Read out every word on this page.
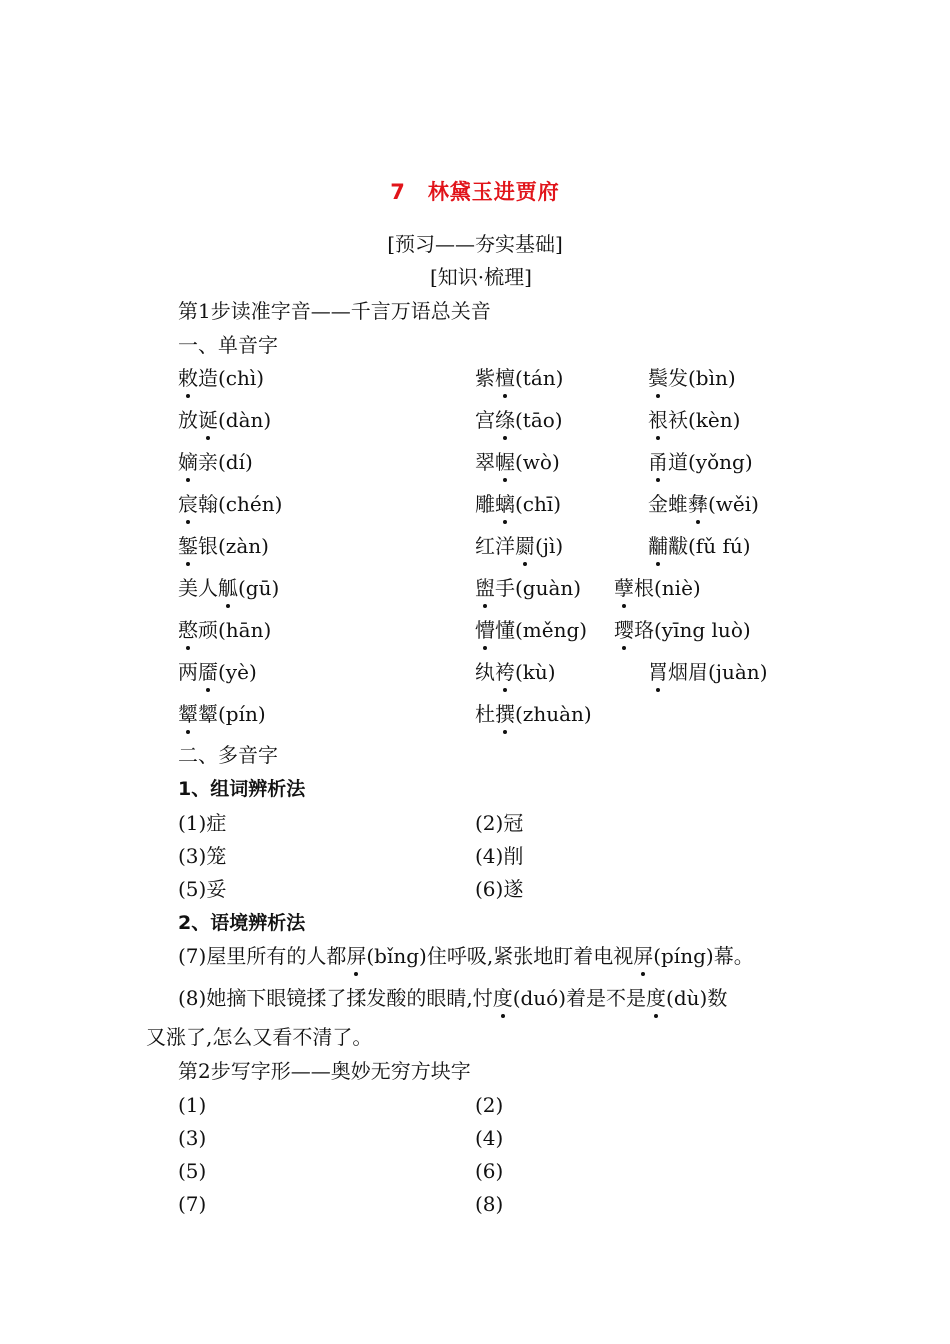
7 林黛玉进贾府
[预习——夯实基础]
[知识·梳理]
第1步读准字音——千言万语总关音
一、单音字
敕造(chì)	紫檀(tán)	鬓发(bìn)
放诞(dàn)	宫绦(tāo)	裉袄(kèn)
嫡亲(dí)	翠幄(wò)	甬道(yǒng)
宸翰(chén)	雕螭(chī)	金蜼彝(wěi)
錾银(zàn)	红洋罽(jì)	黼黻(fǔ fú)
美人觚(gū)	盥手(guàn) 孽根(niè)
憨顽(hān)	懵懂(měng) 璎珞(yīng luò)
两靥(yè)	纨袴(kù)	罥烟眉(juàn)
颦颦(pín)	杜撰(zhuàn)
二、多音字
1、组词辨析法
(1)症	(2)冠
(3)笼	(4)削
(5)妥	(6)遂
2、语境辨析法
(7)屋里所有的人都屏(bǐng)住呼吸,紧张地盯着电视屏(píng)幕。
(8)她摘下眼镜揉了揉发酸的眼睛,忖度(duó)着是不是度(dù)数
又涨了,怎么又看不清了。
第2步写字形——奥妙无穷方块字
(1)	(2)
(3)	(4)
(5)	(6)
(7)	(8)
